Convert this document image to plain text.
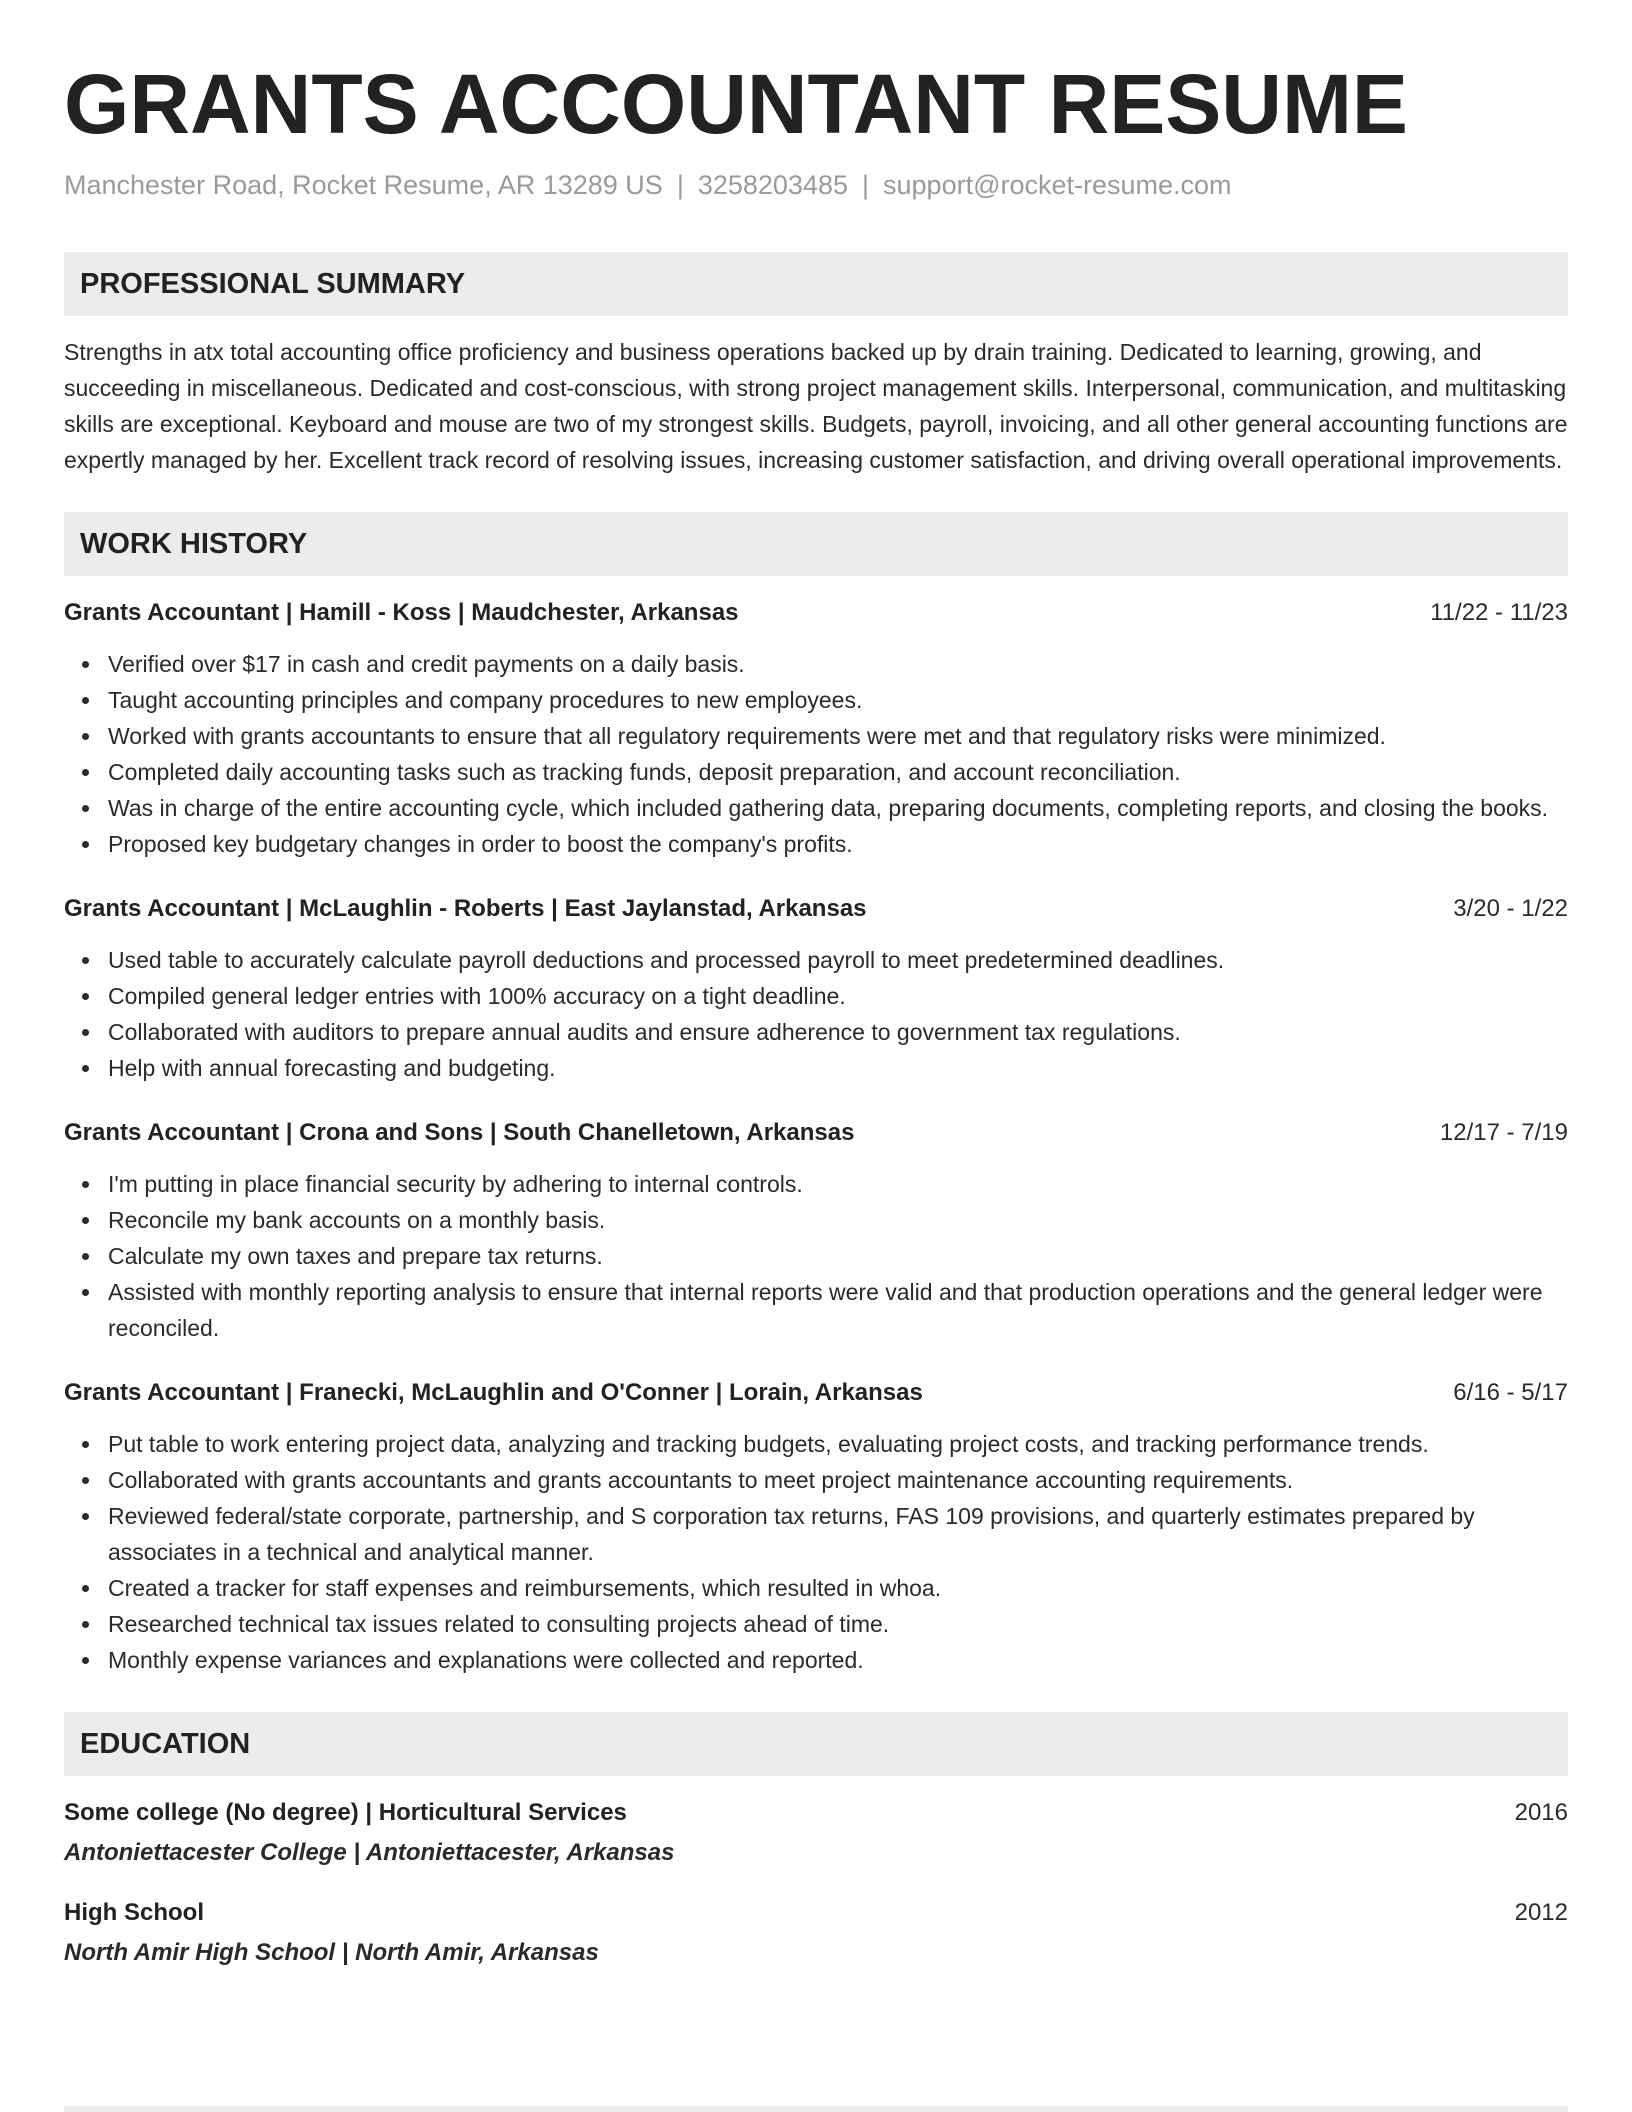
GRANTS ACCOUNTANT RESUME
Manchester Road, Rocket Resume, AR 13289 US | 3258203485 | support@rocket-resume.com
PROFESSIONAL SUMMARY

Strengths in atx total accounting office proficiency and business operations backed up by drain training. Dedicated to learning, growing, and succeeding in miscellaneous. Dedicated and cost-conscious, with strong project management skills. Interpersonal, communication, and multitasking skills are exceptional. Keyboard and mouse are two of my strongest skills. Budgets, payroll, invoicing, and all other general accounting functions are expertly managed by her. Excellent track record of resolving issues, increasing customer satisfaction, and driving overall operational improvements.

WORK HISTORY
Grants Accountant | Hamill - Koss | Maudchester, Arkansas	11/22 - 11/23
Verified over $17 in cash and credit payments on a daily basis.
Taught accounting principles and company procedures to new employees.
Worked with grants accountants to ensure that all regulatory requirements were met and that regulatory risks were minimized.
Completed daily accounting tasks such as tracking funds, deposit preparation, and account reconciliation.
Was in charge of the entire accounting cycle, which included gathering data, preparing documents, completing reports, and closing the books.
Proposed key budgetary changes in order to boost the company's profits.
Grants Accountant | McLaughlin - Roberts | East Jaylanstad, Arkansas	3/20 - 1/22
Used table to accurately calculate payroll deductions and processed payroll to meet predetermined deadlines.
Compiled general ledger entries with 100% accuracy on a tight deadline.
Collaborated with auditors to prepare annual audits and ensure adherence to government tax regulations.
Help with annual forecasting and budgeting.
Grants Accountant | Crona and Sons | South Chanelletown, Arkansas	12/17 - 7/19
I'm putting in place financial security by adhering to internal controls.
Reconcile my bank accounts on a monthly basis.
Calculate my own taxes and prepare tax returns.
Assisted with monthly reporting analysis to ensure that internal reports were valid and that production operations and the general ledger were reconciled.
Grants Accountant | Franecki, McLaughlin and O'Conner | Lorain, Arkansas	6/16 - 5/17
Put table to work entering project data, analyzing and tracking budgets, evaluating project costs, and tracking performance trends.
Collaborated with grants accountants and grants accountants to meet project maintenance accounting requirements.
Reviewed federal/state corporate, partnership, and S corporation tax returns, FAS 109 provisions, and quarterly estimates prepared by associates in a technical and analytical manner.
Created a tracker for staff expenses and reimbursements, which resulted in whoa.
Researched technical tax issues related to consulting projects ahead of time.
Monthly expense variances and explanations were collected and reported.
EDUCATION
Some college (No degree) | Horticultural Services	2016
Antoniettacester College | Antoniettacester, Arkansas
High School	2012
North Amir High School | North Amir, Arkansas
